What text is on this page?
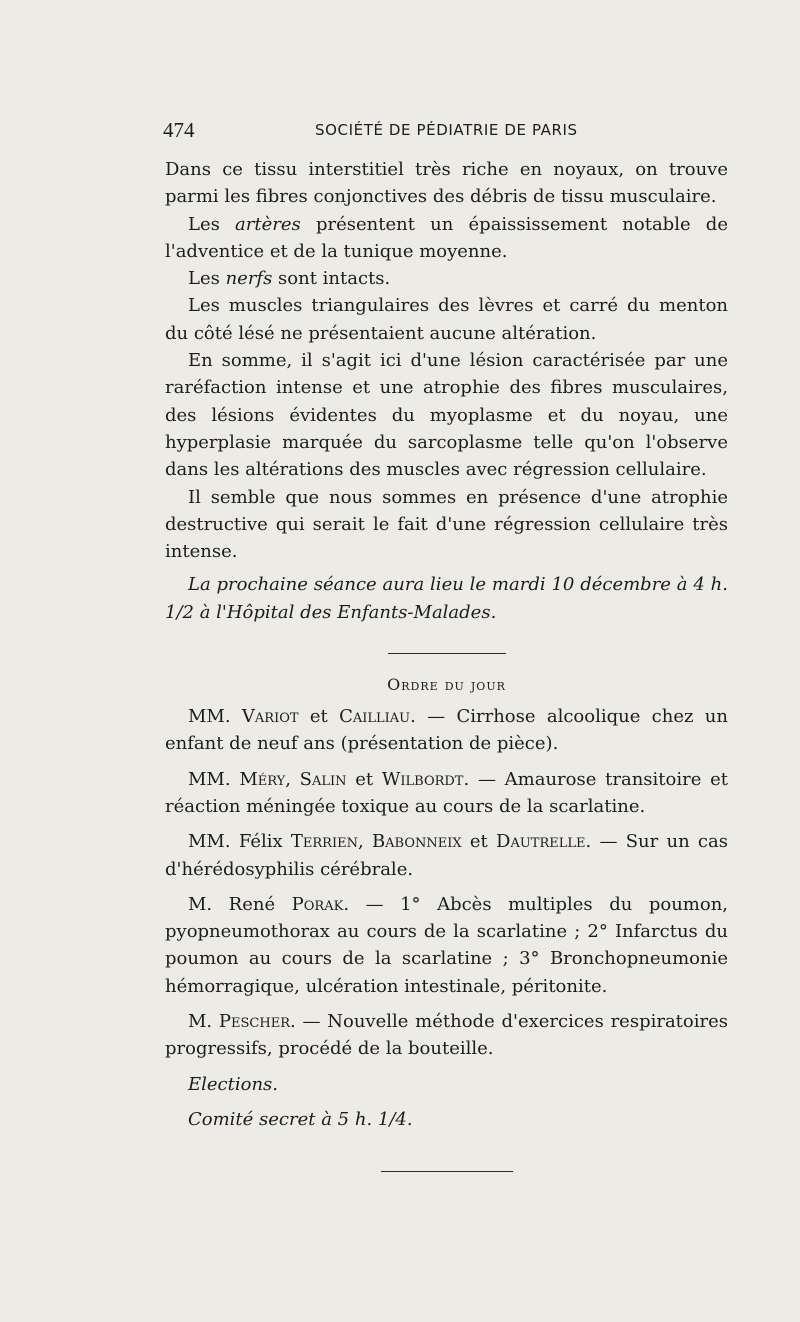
474	SOCIÉTÉ DE PÉDIATRIE DE PARIS

Dans ce tissu interstitiel très riche en noyaux, on trouve parmi les fibres conjonctives des débris de tissu musculaire.

Les artères présentent un épaississement notable de l'adventice et de la tunique moyenne.

Les nerfs sont intacts.

Les muscles triangulaires des lèvres et carré du menton du côté lésé ne présentaient aucune altération.

En somme, il s'agit ici d'une lésion caractérisée par une raréfaction intense et une atrophie des fibres musculaires, des lésions évidentes du myoplasme et du noyau, une hyperplasie marquée du sarcoplasme telle qu'on l'observe dans les altérations des muscles avec régression cellulaire.

Il semble que nous sommes en présence d'une atrophie destructive qui serait le fait d'une régression cellulaire très intense.

La prochaine séance aura lieu le mardi 10 décembre à 4 h. 1/2 à l'Hôpital des Enfants-Malades.

Ordre du jour

MM. Variot et Cailliau. — Cirrhose alcoolique chez un enfant de neuf ans (présentation de pièce).

MM. Méry, Salin et Wilbordt. — Amaurose transitoire et réaction méningée toxique au cours de la scarlatine.

MM. Félix Terrien, Babonneix et Dautrelle. — Sur un cas d'hérédosyphilis cérébrale.

M. René Porak. — 1° Abcès multiples du poumon, pyopneumothorax au cours de la scarlatine ; 2° Infarctus du poumon au cours de la scarlatine ; 3° Bronchopneumonie hémorragique, ulcération intestinale, péritonite.

M. Pescher. — Nouvelle méthode d'exercices respiratoires progressifs, procédé de la bouteille.

Elections.

Comité secret à 5 h. 1/4.
